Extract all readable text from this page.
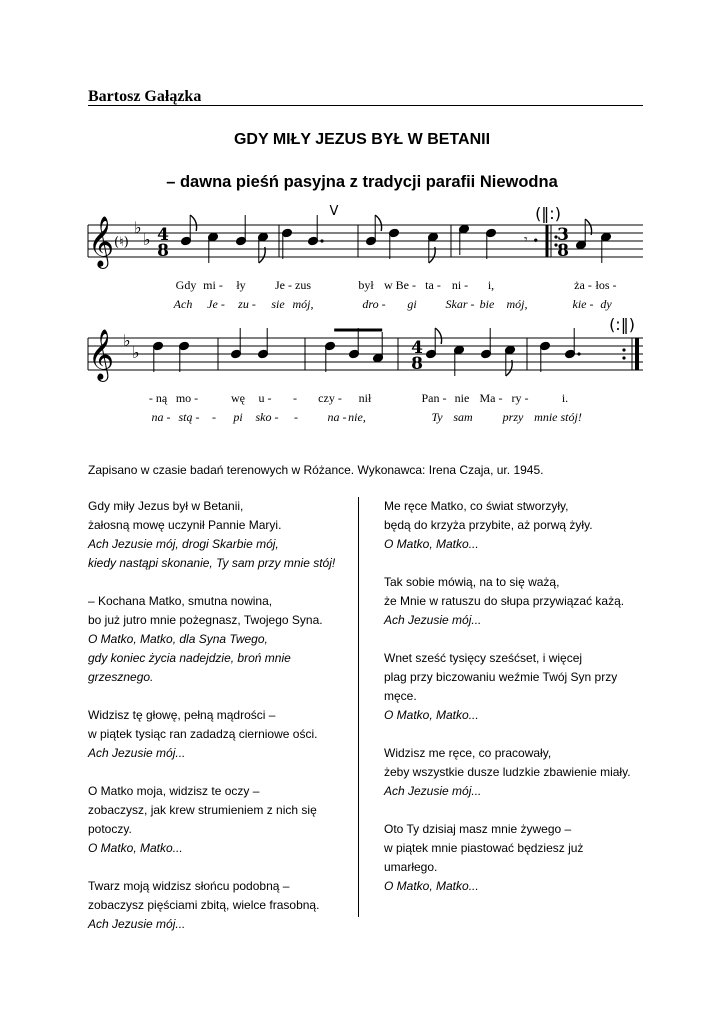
Bartosz Gałązka
GDY MIŁY JEZUS BYŁ W BETANII
– dawna pieśń pasyjna z tradycji parafii Niewodna
𝄞 (♮)
♭
♭ 4
8
V
𝄾 ∙
(‖:)
3
8
𝄞 ♭
♭	4
8
(:‖)
Gdy mi - ły Je - zus	był w Be - ta - ni - i,	ża - łos -
Ach Je - zu - sie mój,	dro - gi Skar - bie mój,	kie - dy
- ną mo -	wę u - - czy - nił	Pan - nie Ma - ry -	i.
na - stą - - pi sko - - na - nie,	Ty sam przy mnie stój!
Zapisano w czasie badań terenowych w Różance. Wykonawca: Irena Czaja, ur. 1945.

Gdy miły Jezus był w Betanii,
żałosną mowę uczynił Pannie Maryi.
Ach Jezusie mój, drogi Skarbie mój,
kiedy nastąpi skonanie, Ty sam przy mnie stój!

– Kochana Matko, smutna nowina,
bo już jutro mnie pożegnasz, Twojego Syna.
O Matko, Matko, dla Syna Twego,
gdy koniec życia nadejdzie, broń mnie
grzesznego.

Widzisz tę głowę, pełną mądrości –
w piątek tysiąc ran zadadzą cierniowe ości.
Ach Jezusie mój...

O Matko moja, widzisz te oczy –
zobaczysz, jak krew strumieniem z nich się
potoczy.
O Matko, Matko...

Twarz moją widzisz słońcu podobną –
zobaczysz pięściami zbitą, wielce frasobną.
Ach Jezusie mój...

Me ręce Matko, co świat stworzyły,
będą do krzyża przybite, aż porwą żyły.
O Matko, Matko...

Tak sobie mówią, na to się ważą,
że Mnie w ratuszu do słupa przywiązać każą.
Ach Jezusie mój...

Wnet sześć tysięcy sześćset, i więcej
plag przy biczowaniu weźmie Twój Syn przy
męce.
O Matko, Matko...

Widzisz me ręce, co pracowały,
żeby wszystkie dusze ludzkie zbawienie miały.
Ach Jezusie mój...

Oto Ty dzisiaj masz mnie żywego –
w piątek mnie piastować będziesz już
umarłego.
O Matko, Matko...
